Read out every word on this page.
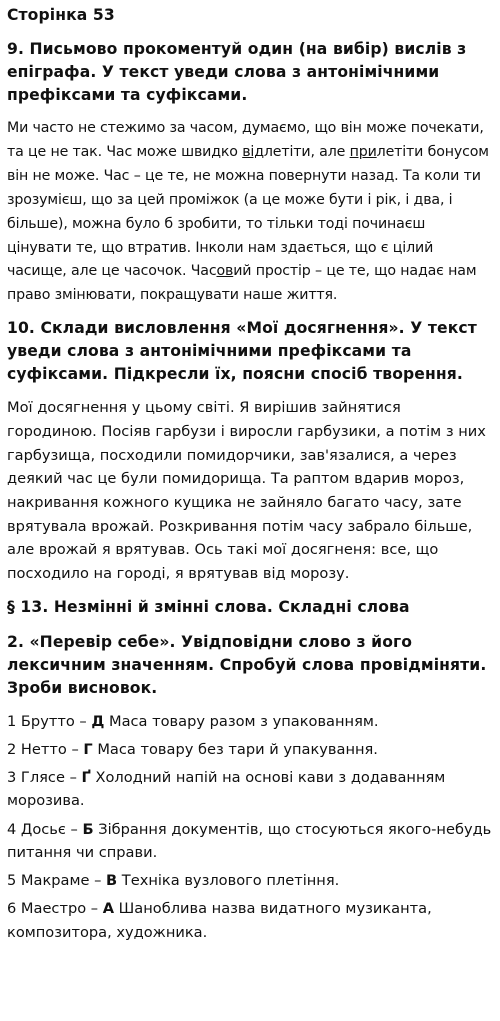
Сторінка 53
9. Письмово прокоментуй один (на вибір) вислів з епіграфа. У текст уведи слова з антонімічними префіксами та суфіксами.

Ми часто не стежимо за часом, думаємо, що він може почекати, та це не так. Час може швидко відлетіти, але прилетіти бонусом він не може. Час – це те, не можна повернути назад. Та коли ти зрозумієш, що за цей проміжок (а це може бути і рік, і два, і більше), можна було б зробити, то тільки тоді починаєш цінувати те, що втратив. Інколи нам здається, що є цілий часище, але це часочок. Часовий простір – це те, що надає нам право змінювати, покращувати наше життя.

10. Склади висловлення «Мої досягнення». У текст уведи слова з антонімічними префіксами та суфіксами. Підкресли їх, поясни спосіб творення.

Мої досягнення у цьому світі. Я вирішив зайнятися городиною. Посіяв гарбузи і виросли гарбузики, а потім з них гарбузища, посходили помидорчики, зав'язалися, а через деякий час це були помидорища. Та раптом вдарив мороз, накривання кожного кущика не зайняло багато часу, зате врятувала врожай. Розкривання потім часу забрало більше, але врожай я врятував. Ось такі мої досягненя: все, що посходило на городі, я врятував від морозу.

§ 13. Незмінні й змінні слова. Складні слова
2. «Перевір себе». Увідповідни слово з його лексичним значенням. Спробуй слова провідміняти. Зроби висновок.
1 Брутто – Д Маса товару разом з упакованням.
2 Нетто – Г Маса товару без тари й упакування.
3 Глясе – Ґ Холодний напій на основі кави з додаванням морозива.
4 Досьє – Б Зібрання документів, що стосуються якого-небудь питання чи справи.
5 Макраме – В Техніка вузлового плетіння.
6 Маестро – А Шанобливa назва видатного музиканта, композитора, художника.
